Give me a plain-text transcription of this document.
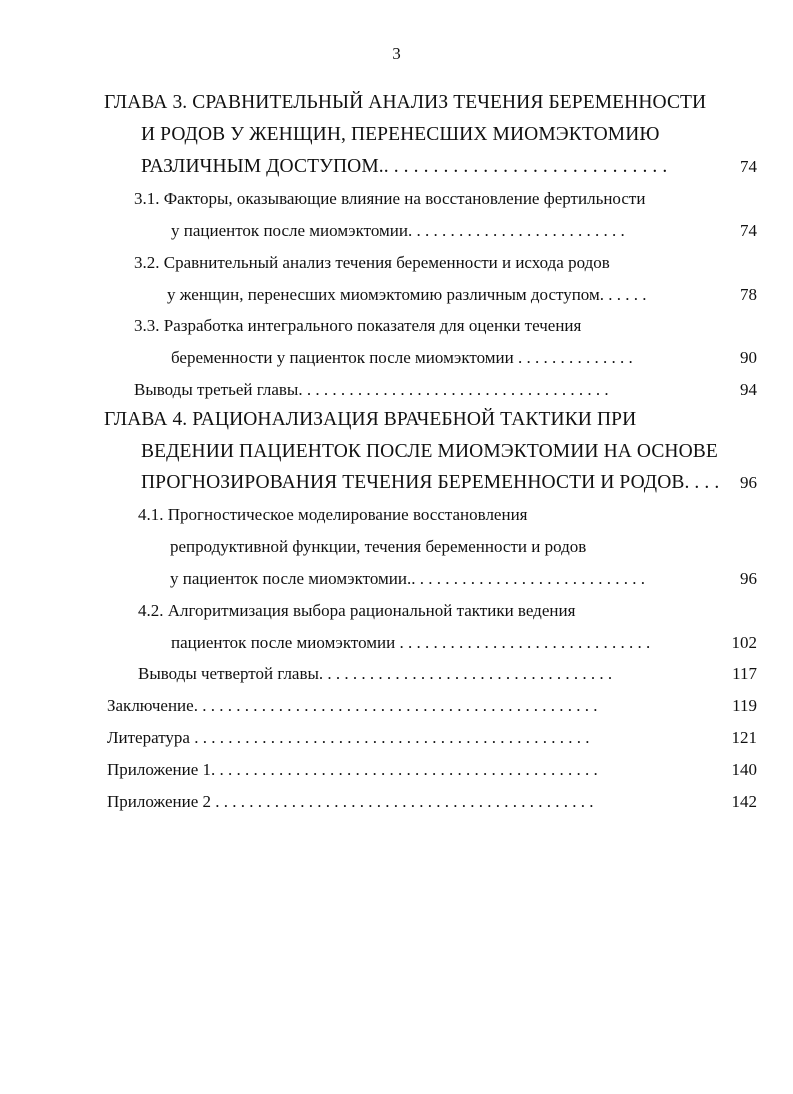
3
ГЛАВА 3. СРАВНИТЕЛЬНЫЙ АНАЛИЗ ТЕЧЕНИЯ БЕРЕМЕННОСТИ
И РОДОВ У ЖЕНЩИН, ПЕРЕНЕСШИХ МИОМЭКТОМИЮ
РАЗЛИЧНЫМ ДОСТУПОМ.. . . . . . . . . . . . . . . . . . . . . . . . . . . . .	74
3.1. Факторы, оказывающие влияние на восстановление фертильности
у пациенток после миомэктомии. . . . . . . . . . . . . . . . . . . . . . . . . .	74
3.2. Сравнительный анализ течения беременности и исхода родов
у женщин, перенесших миомэктомию различным доступом. . . . . .	78
3.3. Разработка интегрального показателя для оценки течения
беременности у пациенток после миомэктомии . . . . . . . . . . . . . .	90
Выводы третьей главы. . . . . . . . . . . . . . . . . . . . . . . . . . . . . . . . . . . . .	94
ГЛАВА 4. РАЦИОНАЛИЗАЦИЯ ВРАЧЕБНОЙ ТАКТИКИ ПРИ
ВЕДЕНИИ ПАЦИЕНТОК ПОСЛЕ МИОМЭКТОМИИ НА ОСНОВЕ
ПРОГНОЗИРОВАНИЯ ТЕЧЕНИЯ БЕРЕМЕННОСТИ И РОДОВ. . . . 96
4.1. Прогностическое моделирование восстановления
репродуктивной функции, течения беременности и родов
у пациенток после миомэктомии.. . . . . . . . . . . . . . . . . . . . . . . . . . . .	96
4.2. Алгоритмизация выбора рациональной тактики ведения
пациенток после миомэктомии . . . . . . . . . . . . . . . . . . . . . . . . . . . . . .	102
Выводы четвертой главы. . . . . . . . . . . . . . . . . . . . . . . . . . . . . . . . . . .	117
Заключение. . . . . . . . . . . . . . . . . . . . . . . . . . . . . . . . . . . . . . . . . . . . . . . .	119
Литература . . . . . . . . . . . . . . . . . . . . . . . . . . . . . . . . . . . . . . . . . . . . . . .	121
Приложение 1. . . . . . . . . . . . . . . . . . . . . . . . . . . . . . . . . . . . . . . . . . . . . .	140
Приложение 2 . . . . . . . . . . . . . . . . . . . . . . . . . . . . . . . . . . . . . . . . . . . . .	142
